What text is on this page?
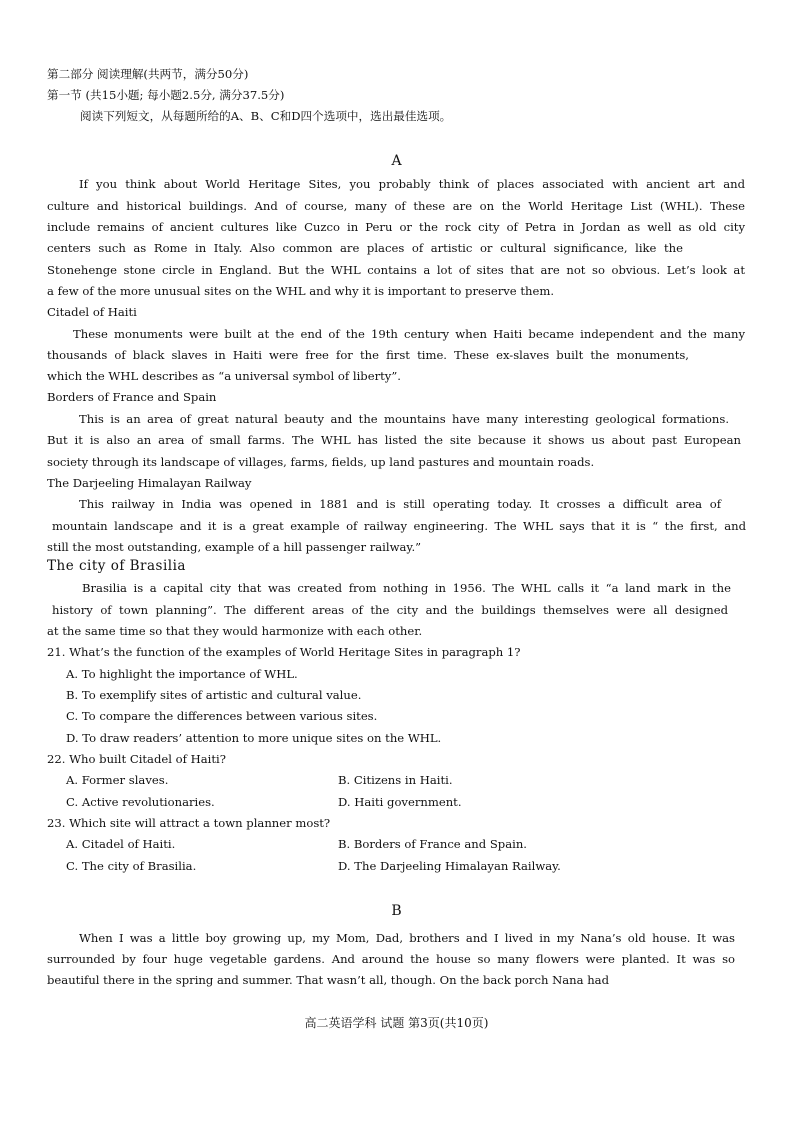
第二部分 阅读理解(共两节，满分50分)
第一节 (共15小题; 每小题2.5分, 满分37.5分)
阅读下列短文，从每题所给的A、B、C和D四个选项中，选出最佳选项。
A
If you think about World Heritage Sites, you probably think of places associated with ancient art and
culture and historical buildings. And of course, many of these are on the World Heritage List (WHL). These
include remains of ancient cultures like Cuzco in Peru or the rock city of Petra in Jordan as well as old city
centers such as Rome in Italy. Also common are places of artistic or cultural significance, like the
Stonehenge stone circle in England. But the WHL contains a lot of sites that are not so obvious. Let’s look at
a few of the more unusual sites on the WHL and why it is important to preserve them.
Citadel of Haiti
These monuments were built at the end of the 19th century when Haiti became independent and the many
thousands of black slaves in Haiti were free for the first time. These ex-slaves built the monuments,
which the WHL describes as “a universal symbol of liberty”.
Borders of France and Spain
This is an area of great natural beauty and the mountains have many interesting geological formations.
But it is also an area of small farms. The WHL has listed the site because it shows us about past European
society through its landscape of villages, farms, fields, up land pastures and mountain roads.
The Darjeeling Himalayan Railway
This railway in India was opened in 1881 and is still operating today. It crosses a difficult area of
mountain landscape and it is a great example of railway engineering. The WHL says that it is “ the first, and
still the most outstanding, example of a hill passenger railway.”
The city of Brasilia
Brasilia is a capital city that was created from nothing in 1956. The WHL calls it “a land mark in the
history of town planning”. The different areas of the city and the buildings themselves were all designed
at the same time so that they would harmonize with each other.
21. What’s the function of the examples of World Heritage Sites in paragraph 1?
A. To highlight the importance of WHL.
B. To exemplify sites of artistic and cultural value.
C. To compare the differences between various sites.
D. To draw readers’ attention to more unique sites on the WHL.
22. Who built Citadel of Haiti?
A. Former slaves.	B. Citizens in Haiti.
C. Active revolutionaries.	D. Haiti government.
23. Which site will attract a town planner most?
A. Citadel of Haiti.	B. Borders of France and Spain.
C. The city of Brasilia.	D. The Darjeeling Himalayan Railway.
B
When I was a little boy growing up, my Mom, Dad, brothers and I lived in my Nana’s old house. It was
surrounded by four huge vegetable gardens. And around the house so many flowers were planted. It was so
beautiful there in the spring and summer. That wasn’t all, though. On the back porch Nana had
高二英语学科 试题 第3页(共10页)
